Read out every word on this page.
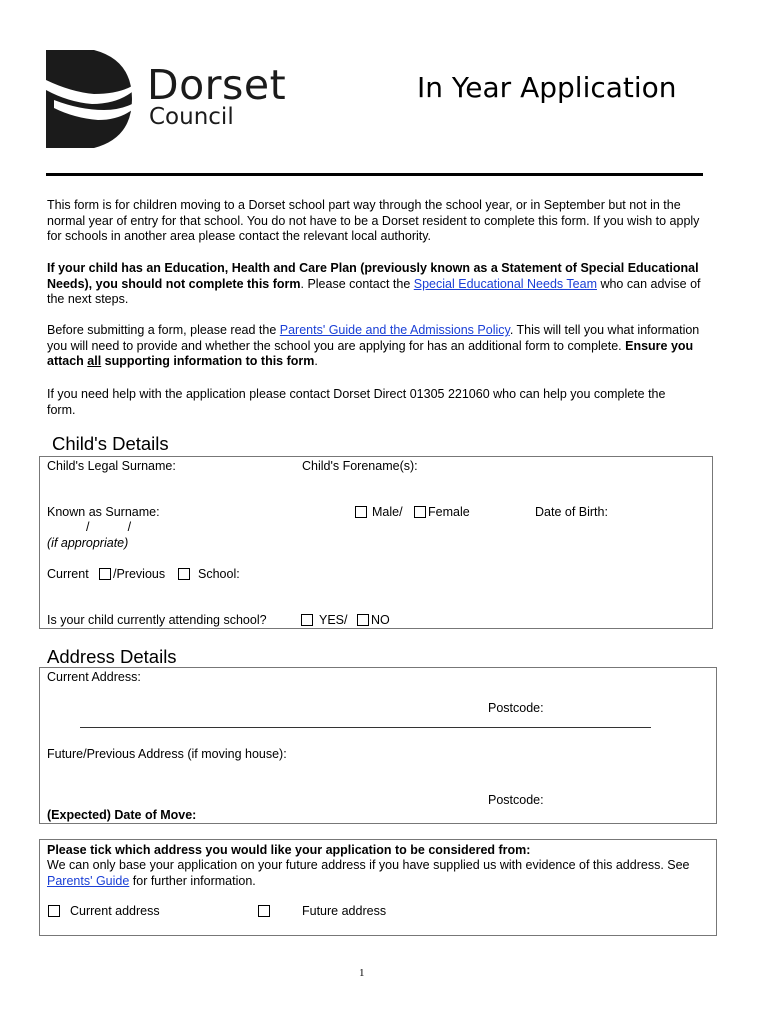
Dorset
Council
In Year Application
This form is for children moving to a Dorset school part way through the school year, or in September but not in the normal year of entry for that school. You do not have to be a Dorset resident to complete this form. If you wish to apply for schools in another area please contact the relevant local authority.
If your child has an Education, Health and Care Plan (previously known as a Statement of Special Educational Needs), you should not complete this form. Please contact the Special Educational Needs Team who can advise of the next steps.
Before submitting a form, please read the Parents' Guide and the Admissions Policy. This will tell you what information you will need to provide and whether the school you are applying for has an additional form to complete. Ensure you attach all supporting information to this form.
If you need help with the application please contact Dorset Direct 01305 221060 who can help you complete the form.
Child's Details
Child's Legal Surname:	Child's Forename(s):
Known as Surname:	Male/ Female	Date of Birth:
/           /
(if appropriate)
Current /Previous	School:
Is your child currently attending school?	YES/ NO
Address Details
Current Address:
Postcode:
Future/Previous Address (if moving house):
Postcode:
(Expected) Date of Move:
Please tick which address you would like your application to be considered from:
We can only base your application on your future address if you have supplied us with evidence of this address. See Parents' Guide for further information.
Current address	Future address
1
